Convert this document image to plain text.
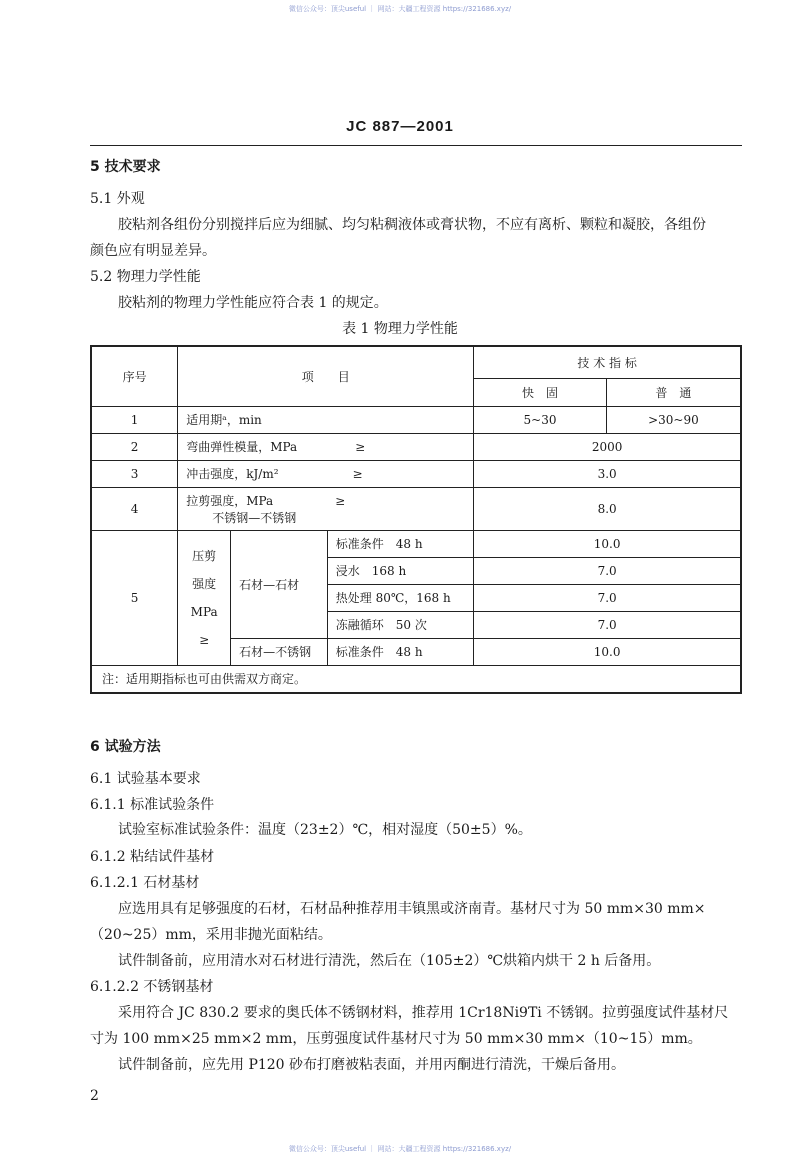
微信公众号：顶尖useful ｜ 网站：大疆工程资源 https://321686.xyz/
JC 887—2001
5 技术要求
5.1 外观
胶粘剂各组份分别搅拌后应为细腻、均匀粘稠液体或膏状物，不应有离析、颗粒和凝胶，各组份
颜色应有明显差异。
5.2 物理力学性能
胶粘剂的物理力学性能应符合表 1 的规定。
表 1 物理力学性能
序号	项　　目			技 术 指 标	
				快　固	普　通
1	适用期ᵃ，min			5~30	>30~90
2	弯曲弹性模量，MPa ≥			2000	
3	冲击强度，kJ/m² ≥			3.0	
4	拉剪强度，MPa ≥
不锈钢—不锈钢			8.0	
5	压剪
强度
MPa
≥	石材—石材	标准条件　48 h	10.0	
			浸水　168 h	7.0	
			热处理 80℃，168 h	7.0	
			冻融循环　50 次	7.0	
		石材—不锈钢	标准条件　48 h	10.0	
注：适用期指标也可由供需双方商定。					
6 试验方法
6.1 试验基本要求
6.1.1 标准试验条件
试验室标准试验条件：温度（23±2）℃，相对湿度（50±5）%。
6.1.2 粘结试件基材
6.1.2.1 石材基材
应选用具有足够强度的石材，石材品种推荐用丰镇黑或济南青。基材尺寸为 50 mm×30 mm×
（20~25）mm，采用非抛光面粘结。
试件制备前，应用清水对石材进行清洗，然后在（105±2）℃烘箱内烘干 2 h 后备用。
6.1.2.2 不锈钢基材
采用符合 JC 830.2 要求的奥氏体不锈钢材料，推荐用 1Cr18Ni9Ti 不锈钢。拉剪强度试件基材尺
寸为 100 mm×25 mm×2 mm，压剪强度试件基材尺寸为 50 mm×30 mm×（10~15）mm。
试件制备前，应先用 P120 砂布打磨被粘表面，并用丙酮进行清洗，干燥后备用。
2
微信公众号：顶尖useful ｜ 网站：大疆工程资源 https://321686.xyz/
